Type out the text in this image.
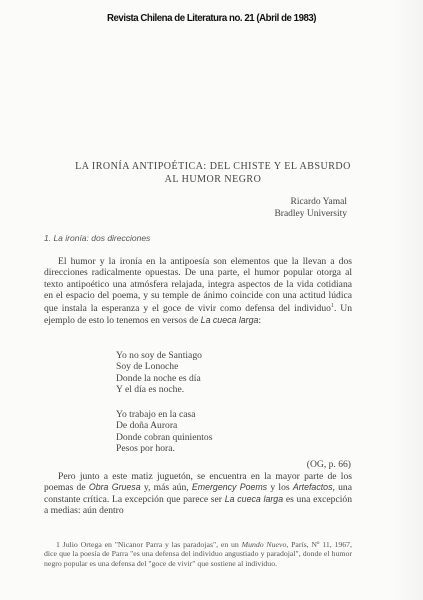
Revista Chilena de Literatura no. 21 (Abril de 1983)
LA IRONÍA ANTIPOÉTICA: DEL CHISTE Y EL ABSURDO
AL HUMOR NEGRO
Ricardo Yamal
Bradley University
1. La ironía: dos direcciones

El humor y la ironía en la antipoesía son elementos que la llevan a dos direcciones radicalmente opuestas. De una parte, el humor popular otorga al texto antipoético una atmósfera relajada, integra aspectos de la vida cotidiana en el espacio del poema, y su temple de ánimo coincide con una actitud lúdica que instala la esperanza y el goce de vivir como defensa del individuo$^1$. Un ejemplo de esto lo tenemos en versos de La cueca larga:

Yo no soy de Santiago
Soy de Lonoche
Donde la noche es día
Y el día es noche.
Yo trabajo en la casa
De doña Aurora
Donde cobran quinientos
Pesos por hora.
(OG, p. 66)

Pero junto a este matiz juguetón, se encuentra en la mayor parte de los poemas de Obra Gruesa y, más aún, Emergency Poems y los Artefactos, una constante crítica. La excepción que parece ser La cueca larga es una excepción a medias: aún dentro

1 Julio Ortega en "Nicanor Parra y las paradojas", en un Mundo Nuevo, París, Nº 11, 1967, dice que la poesía de Parra "es una defensa del individuo angustiado y paradojal", donde el humor negro popular es una defensa del "goce de vivir" que sostiene al individuo.
